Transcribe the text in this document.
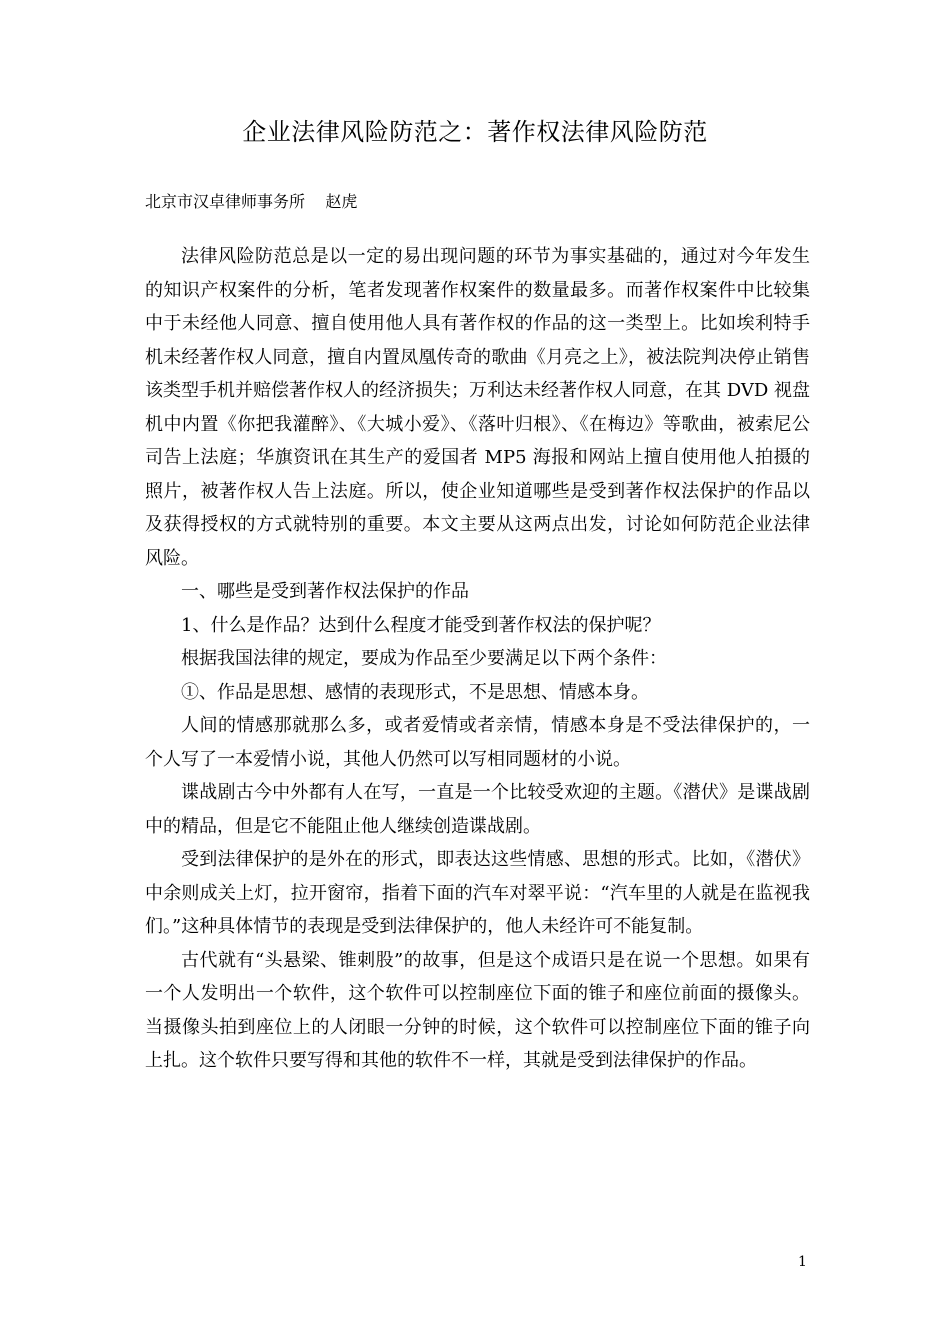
企业法律风险防范之：著作权法律风险防范

北京市汉卓律师事务所    赵虎

法律风险防范总是以一定的易出现问题的环节为事实基础的，通过对今年发生的知识产权案件的分析，笔者发现著作权案件的数量最多。而著作权案件中比较集中于未经他人同意、擅自使用他人具有著作权的作品的这一类型上。比如埃利特手机未经著作权人同意，擅自内置凤凰传奇的歌曲《月亮之上》，被法院判决停止销售该类型手机并赔偿著作权人的经济损失；万利达未经著作权人同意，在其 DVD 视盘机中内置《你把我灌醉》、《大城小爱》、《落叶归根》、《在梅边》等歌曲，被索尼公司告上法庭；华旗资讯在其生产的爱国者 MP5 海报和网站上擅自使用他人拍摄的照片，被著作权人告上法庭。所以，使企业知道哪些是受到著作权法保护的作品以及获得授权的方式就特别的重要。本文主要从这两点出发，讨论如何防范企业法律风险。

一、哪些是受到著作权法保护的作品

1、什么是作品？达到什么程度才能受到著作权法的保护呢？

根据我国法律的规定，要成为作品至少要满足以下两个条件：

①、作品是思想、感情的表现形式，不是思想、情感本身。

人间的情感那就那么多，或者爱情或者亲情，情感本身是不受法律保护的，一个人写了一本爱情小说，其他人仍然可以写相同题材的小说。

谍战剧古今中外都有人在写，一直是一个比较受欢迎的主题。《潜伏》是谍战剧中的精品，但是它不能阻止他人继续创造谍战剧。

受到法律保护的是外在的形式，即表达这些情感、思想的形式。比如，《潜伏》中余则成关上灯，拉开窗帘，指着下面的汽车对翠平说：“汽车里的人就是在监视我们。”这种具体情节的表现是受到法律保护的，他人未经许可不能复制。

古代就有“头悬梁、锥刺股”的故事，但是这个成语只是在说一个思想。如果有一个人发明出一个软件，这个软件可以控制座位下面的锥子和座位前面的摄像头。当摄像头拍到座位上的人闭眼一分钟的时候，这个软件可以控制座位下面的锥子向上扎。这个软件只要写得和其他的软件不一样，其就是受到法律保护的作品。

1
